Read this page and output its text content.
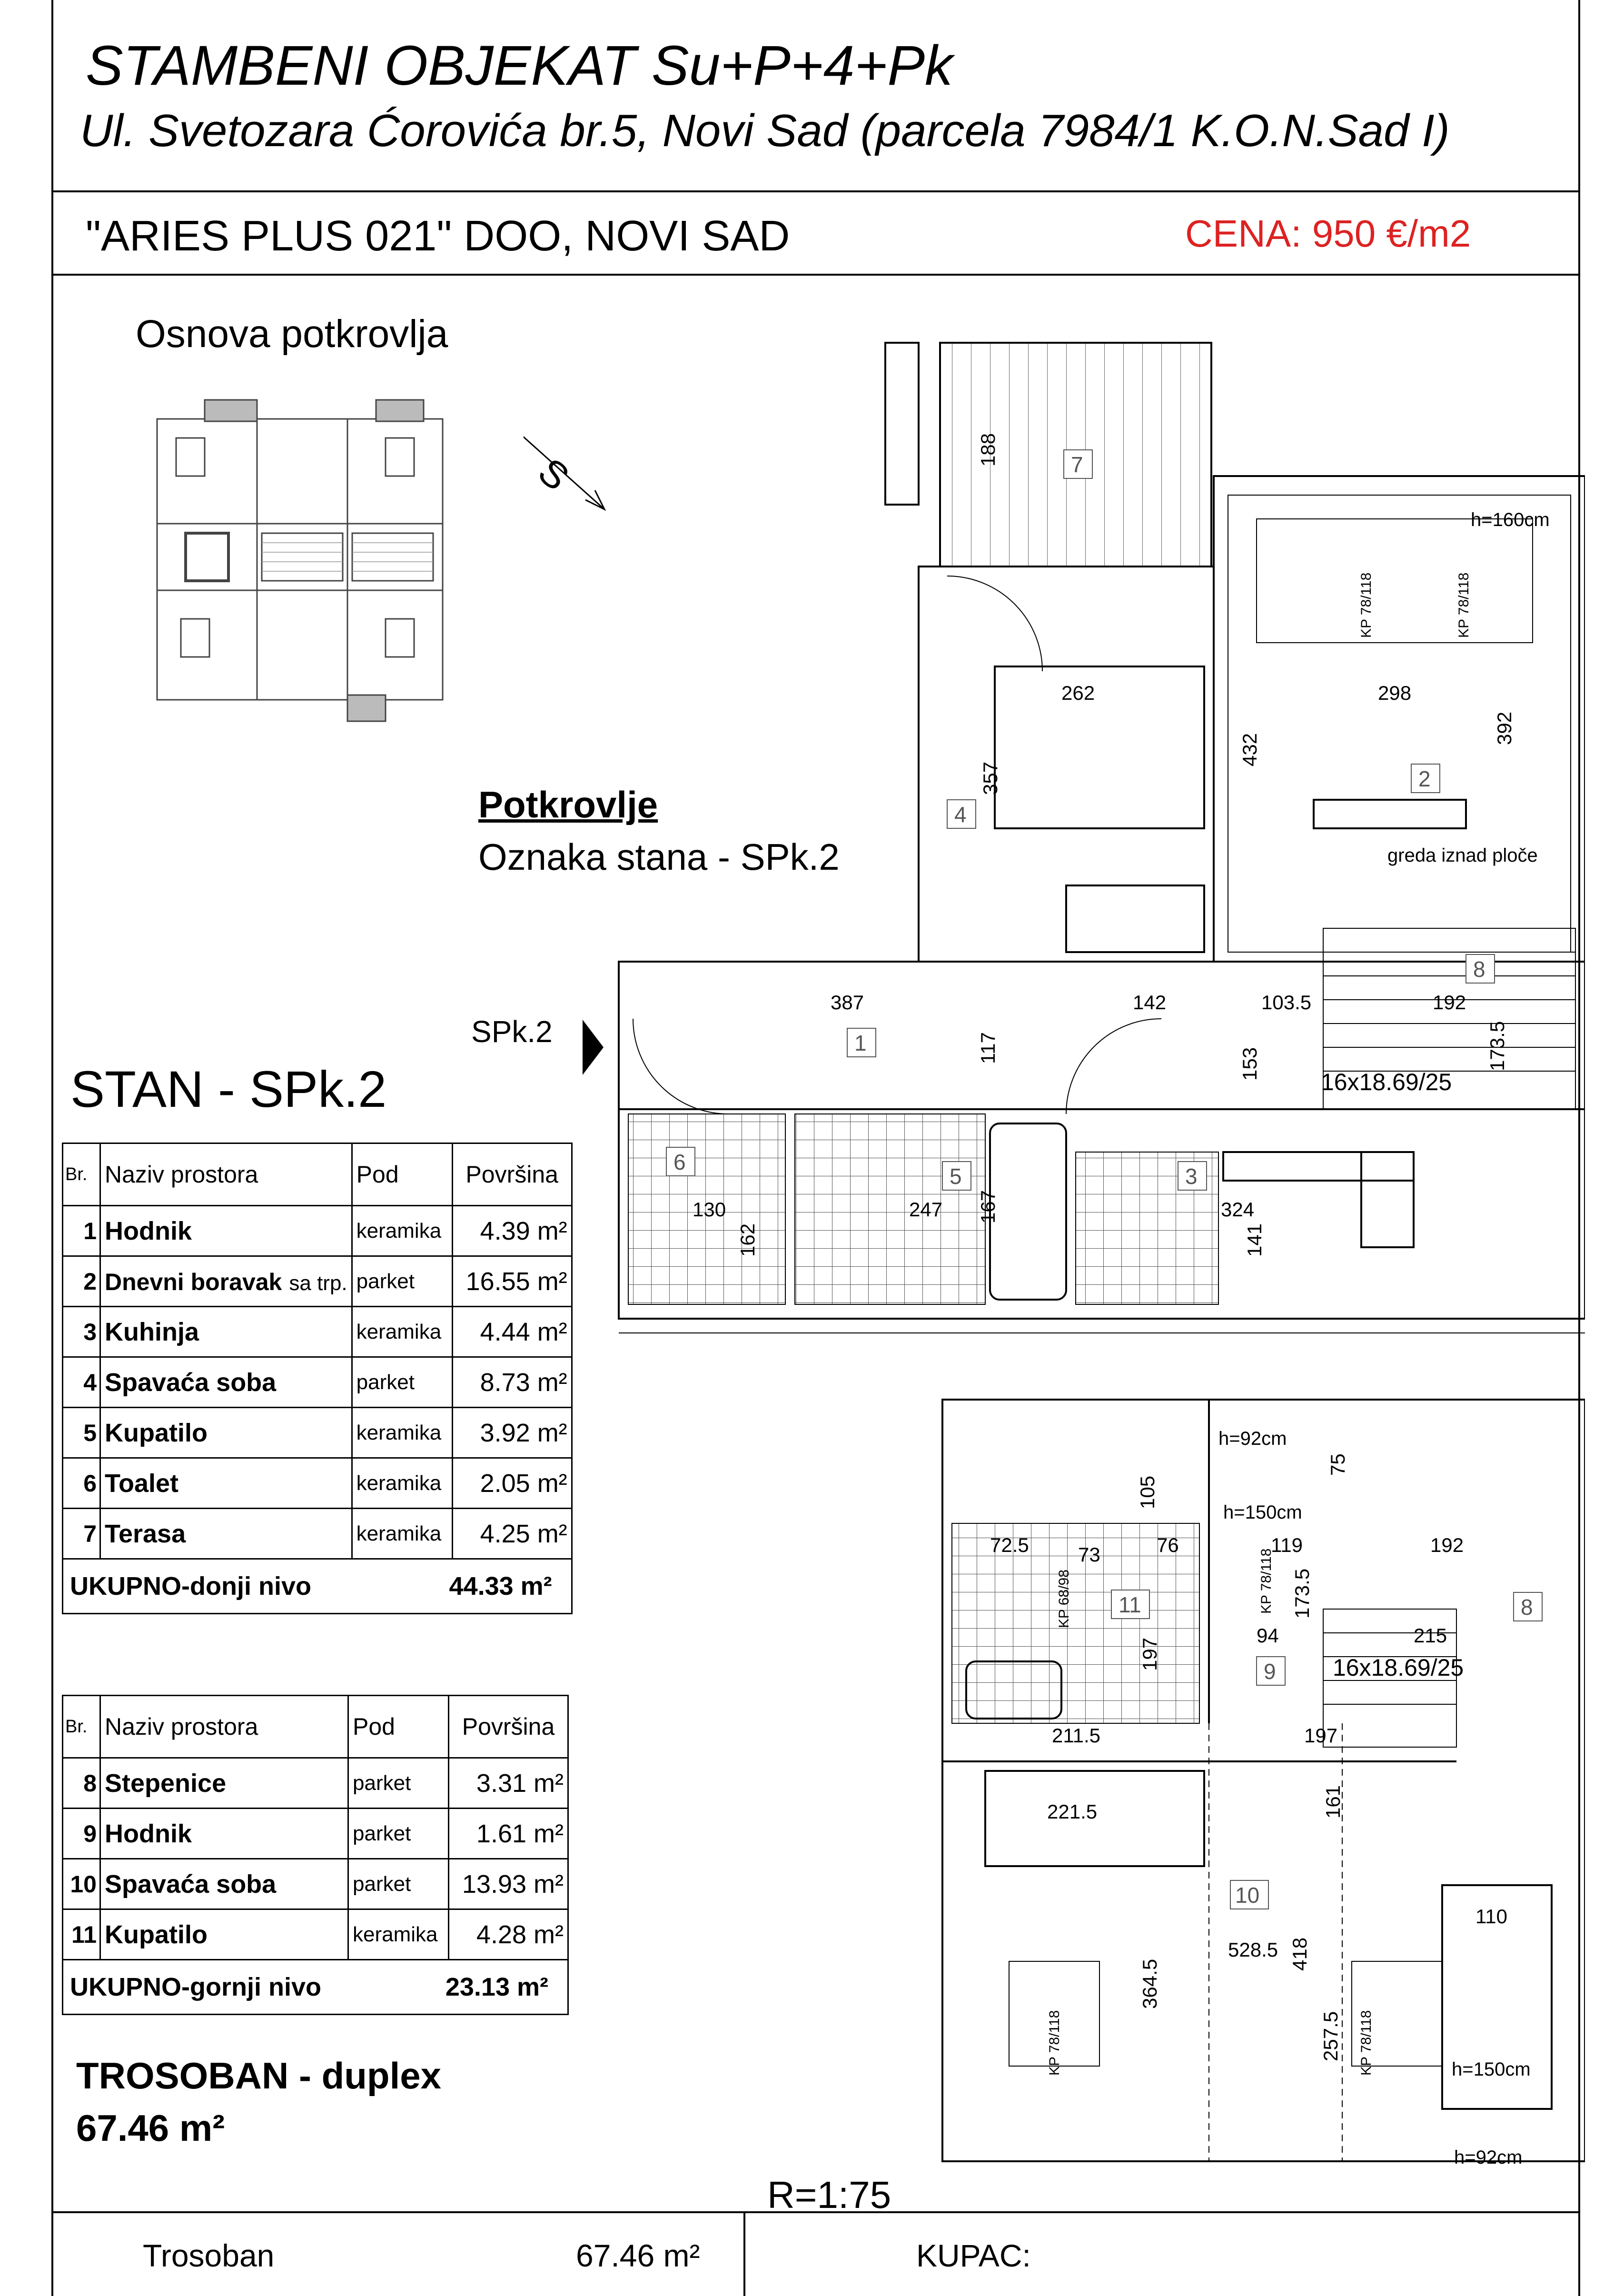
STAMBENI OBJEKAT Su+P+4+Pk
Ul. Svetozara Ćorovića br.5, Novi Sad (parcela 7984/1 K.O.N.Sad I)
"ARIES PLUS 021" DOO, NOVI SAD	CENA: 950 €/m2
Osnova potkrovlja
Potkrovlje
Oznaka stana - SPk.2
STAN - SPk.2
SPk.2
Br.	Naziv prostora	Pod	Površina
1	Hodnik	keramika	4.39 m²
2	Dnevni boravak sa trp.	parket	16.55 m²
3	Kuhinja	keramika	4.44 m²
4	Spavaća soba	parket	8.73 m²
5	Kupatilo	keramika	3.92 m²
6	Toalet	keramika	2.05 m²
7	Terasa	keramika	4.25 m²
UKUPNO-donji nivo		44.33 m²	
Br.	Naziv prostora	Pod	Površina
8	Stepenice	parket	3.31 m²
9	Hodnik	parket	1.61 m²
10	Spavaća soba	parket	13.93 m²
11	Kupatilo	keramika	4.28 m²
UKUPNO-gornji nivo		23.13 m²	
TROSOBAN - duplex
67.46 m²
R=1:75
S
188
262
357
432
298
392
387	142	103.5	192
117	153	173.5
130
162
247 167	324
141
75
105
72.5 73	76	119	192
173.5
94	215
197
211.5	197
161
221.5
364.5
528.5 418
257.5
110
7
2
4
1
8
6
5	3
8
9
10
11
h=160cm
greda iznad ploče
16x18.69/25
16x18.69/25
h=92cm
h=150cm
h=150cm
h=92cm
KP 78/118	KP 78/118
KP 78/118
KP 68/98
KP 78/118	KP 78/118
Trosoban	67.46 m²	KUPAC:
